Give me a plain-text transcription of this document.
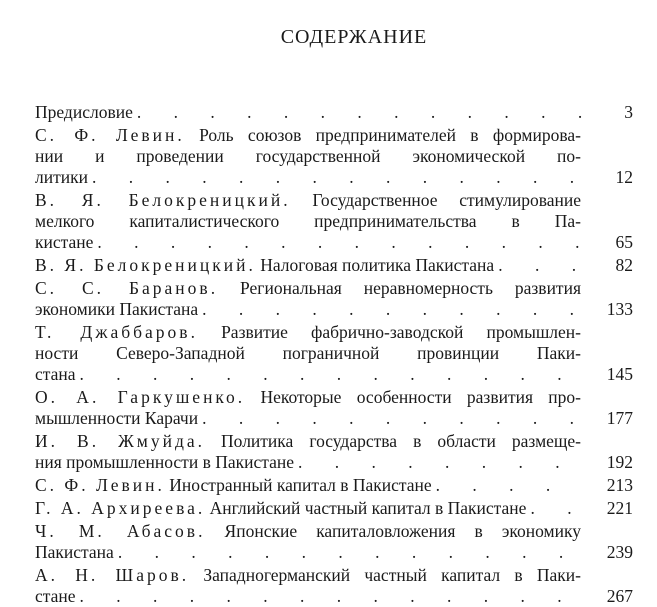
СОДЕРЖАНИЕ
Предисловие . . .	3
С. Ф. Левин. Роль союзов предпринимателей в формирова-
нии и проведении государственной экономической по-
литики . . .	12
В. Я. Белокреницкий. Государственное стимулирование
мелкого капиталистического предпринимательства в Па-
кистане . . .	65
В. Я. Белокреницкий. Налоговая политика Пакистана . . .	82
С. С. Баранов. Региональная неравномерность развития
экономики Пакистана . . .	133
Т. Джаббаров. Развитие фабрично-заводской промышлен-
ности Северо-Западной пограничной провинции Паки-
стана . . .	145
О. А. Гаркушенко. Некоторые особенности развития про-
мышленности Карачи . . .	177
И. В. Жмуйда. Политика государства в области размеще-
ния промышленности в Пакистане . . .	192
С. Ф. Левин. Иностранный капитал в Пакистане . . .	213
Г. А. Архиреева. Английский частный капитал в Пакистане . . .	221
Ч. М. Абасов. Японские капиталовложения в экономику
Пакистана . . .	239
А. Н. Шаров. Западногерманский частный капитал в Паки-
стане . . .	267
